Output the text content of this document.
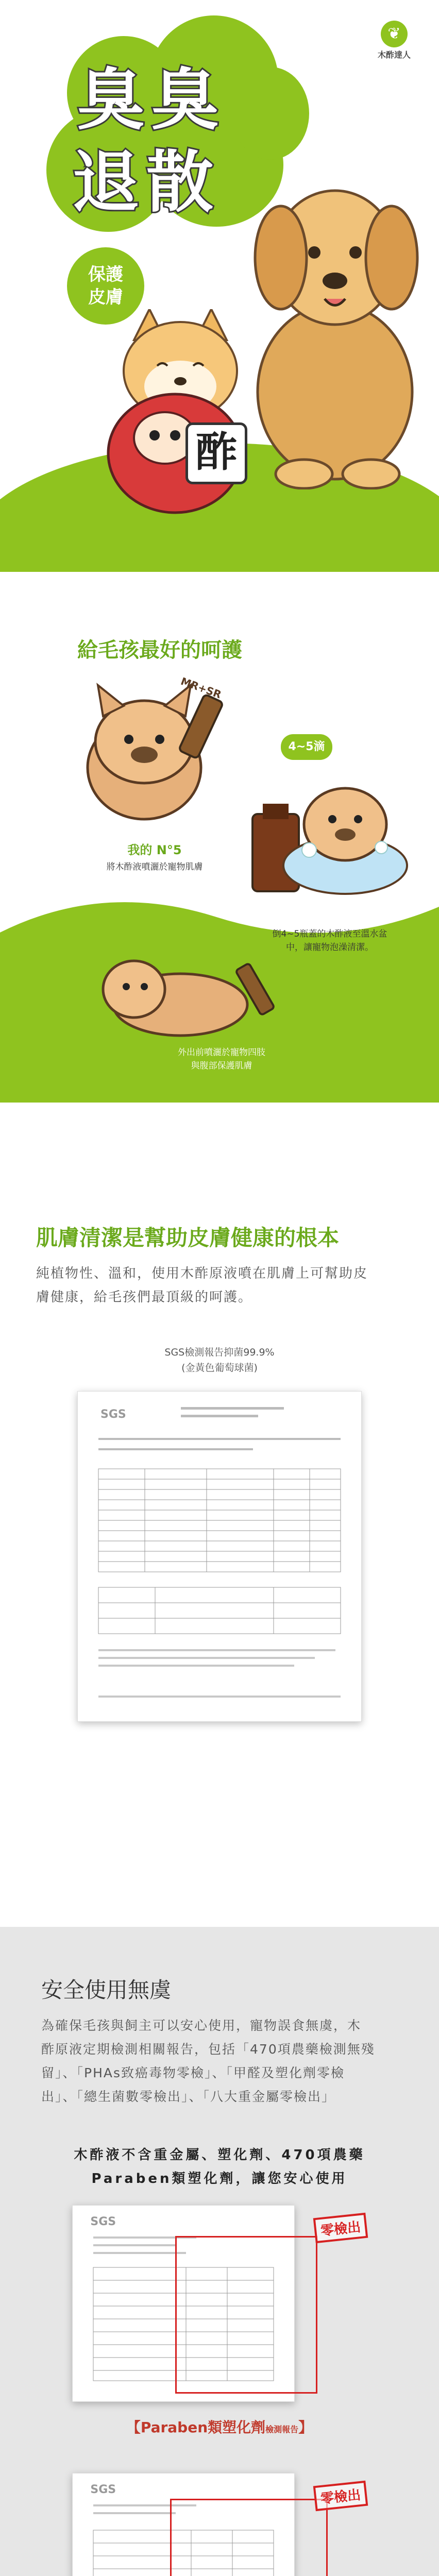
臭臭
退散
❦
木酢達人
保護
皮膚
酢
給毛孩最好的呵護
MR+SR
我的 N°5
將木酢液噴灑於寵物肌膚
4~5滴
倒4~5瓶蓋的木酢液至溫水盆
中，讓寵物泡澡清潔。
外出前噴灑於寵物四肢
與腹部保護肌膚
肌膚清潔是幫助皮膚健康的根本
純植物性、溫和，使用木酢原液噴在肌膚上可幫助皮
膚健康，給毛孩們最頂級的呵護。
SGS檢測報告抑菌99.9%
(金黃色葡萄球菌)
SGS
安全使用無虞
為確保毛孩與飼主可以安心使用，寵物誤食無虞，木
酢原液定期檢測相關報告，包括「470項農藥檢測無殘
留」、「PHAs致癌毒物零檢」、「甲醛及塑化劑零檢
出」、「總生菌數零檢出」、「八大重金屬零檢出」
木酢液不含重金屬、塑化劑、470項農藥
Paraben類塑化劑，讓您安心使用
SGS	零檢出
【Paraben類塑化劑檢測報告】
SGS	零檢出
